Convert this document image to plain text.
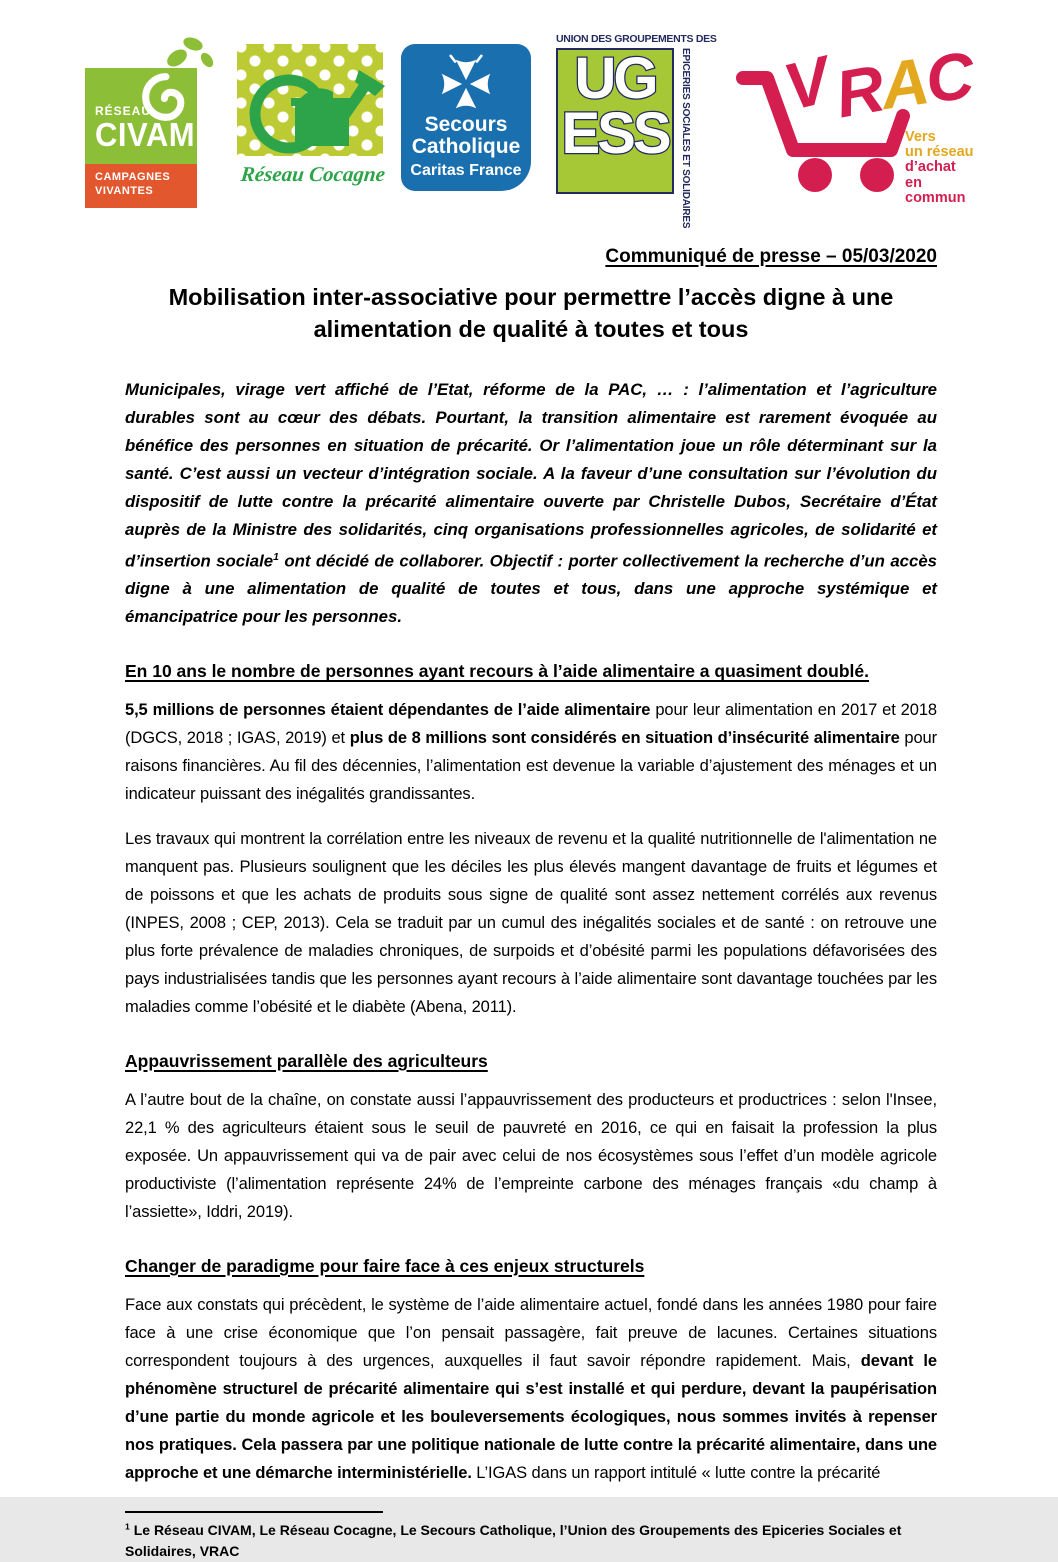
RÉSEAU
CIVAM
CAMPAGNES
VIVANTES
Réseau Cocagne
Secours
Catholique
Caritas France
UNION DES GROUPEMENTS DES
UG
ESS	EPICERIES SOCIALES ET SOLIDAIRES V
R
A
C
Vers
un réseau
d’achat
en commun
Communiqué de presse – 05/03/2020
Mobilisation inter-associative pour permettre l’accès digne à une alimentation de qualité à toutes et tous

Municipales, virage vert affiché de l’Etat, réforme de la PAC, … : l’alimentation et l’agriculture durables sont au cœur des débats. Pourtant, la transition alimentaire est rarement évoquée au bénéfice des personnes en situation de précarité. Or l’alimentation joue un rôle déterminant sur la santé. C’est aussi un vecteur d’intégration sociale. A la faveur d’une consultation sur l’évolution du dispositif de lutte contre la précarité alimentaire ouverte par Christelle Dubos, Secrétaire d’État auprès de la Ministre des solidarités, cinq organisations professionnelles agricoles, de solidarité et d’insertion sociale$^1$ ont décidé de collaborer. Objectif : porter collectivement la recherche d’un accès digne à une alimentation de qualité de toutes et tous, dans une approche systémique et émancipatrice pour les personnes.

En 10 ans le nombre de personnes ayant recours à l’aide alimentaire a quasiment doublé.

5,5 millions de personnes étaient dépendantes de l’aide alimentaire pour leur alimentation en 2017 et 2018 (DGCS, 2018 ; IGAS, 2019) et plus de 8 millions sont considérés en situation d’insécurité alimentaire pour raisons financières. Au fil des décennies, l’alimentation est devenue la variable d’ajustement des ménages et un indicateur puissant des inégalités grandissantes.

Les travaux qui montrent la corrélation entre les niveaux de revenu et la qualité nutritionnelle de l'alimentation ne manquent pas. Plusieurs soulignent que les déciles les plus élevés mangent davantage de fruits et légumes et de poissons et que les achats de produits sous signe de qualité sont assez nettement corrélés aux revenus (INPES, 2008 ; CEP, 2013). Cela se traduit par un cumul des inégalités sociales et de santé : on retrouve une plus forte prévalence de maladies chroniques, de surpoids et d’obésité parmi les populations défavorisées des pays industrialisées tandis que les personnes ayant recours à l’aide alimentaire sont davantage touchées par les maladies comme l’obésité et le diabète (Abena, 2011).

Appauvrissement parallèle des agriculteurs

A l’autre bout de la chaîne, on constate aussi l’appauvrissement des producteurs et productrices : selon l'Insee, 22,1 % des agriculteurs étaient sous le seuil de pauvreté en 2016, ce qui en faisait la profession la plus exposée. Un appauvrissement qui va de pair avec celui de nos écosystèmes sous l’effet d’un modèle agricole productiviste (l’alimentation représente 24% de l’empreinte carbone des ménages français «du champ à l’assiette», Iddri, 2019).

Changer de paradigme pour faire face à ces enjeux structurels

Face aux constats qui précèdent, le système de l’aide alimentaire actuel, fondé dans les années 1980 pour faire face à une crise économique que l’on pensait passagère, fait preuve de lacunes. Certaines situations correspondent toujours à des urgences, auxquelles il faut savoir répondre rapidement. Mais, devant le phénomène structurel de précarité alimentaire qui s’est installé et qui perdure, devant la paupérisation d’une partie du monde agricole et les bouleversements écologiques, nous sommes invités à repenser nos pratiques. Cela passera par une politique nationale de lutte contre la précarité alimentaire, dans une approche et une démarche interministérielle. L’IGAS dans un rapport intitulé « lutte contre la précarité

$^1$ Le Réseau CIVAM, Le Réseau Cocagne, Le Secours Catholique, l’Union des Groupements des Epiceries Sociales et Solidaires, VRAC
